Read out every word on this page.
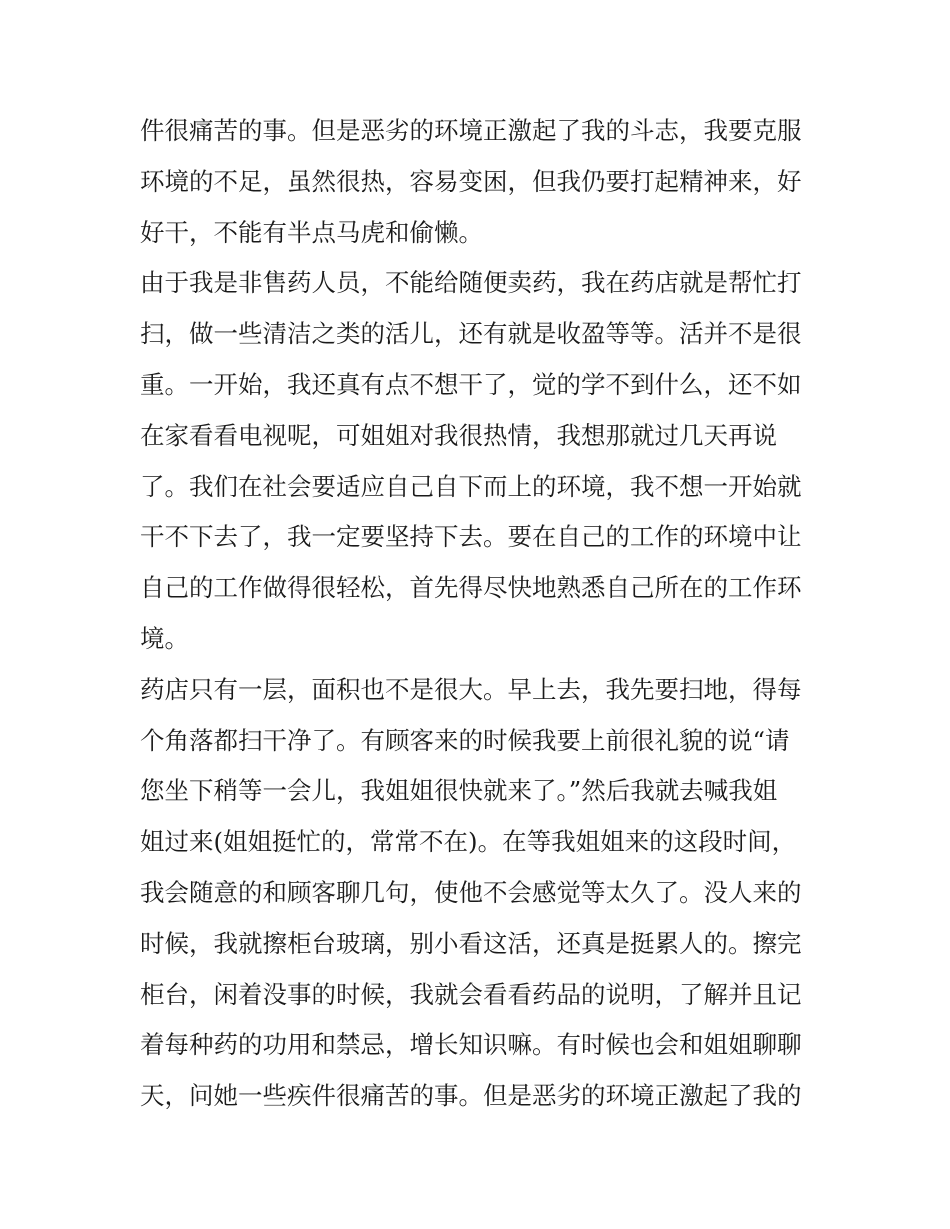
件很痛苦的事。但是恶劣的环境正激起了我的斗志，我要克服
环境的不足，虽然很热，容易变困，但我仍要打起精神来，好
好干，不能有半点马虎和偷懒。
由于我是非售药人员，不能给随便卖药，我在药店就是帮忙打
扫，做一些清洁之类的活儿，还有就是收盈等等。活并不是很
重。一开始，我还真有点不想干了，觉的学不到什么，还不如
在家看看电视呢，可姐姐对我很热情，我想那就过几天再说
了。我们在社会要适应自己自下而上的环境，我不想一开始就
干不下去了，我一定要坚持下去。要在自己的工作的环境中让
自己的工作做得很轻松，首先得尽快地熟悉自己所在的工作环
境。
药店只有一层，面积也不是很大。早上去，我先要扫地，得每
个角落都扫干净了。有顾客来的时候我要上前很礼貌的说“请
您坐下稍等一会儿，我姐姐很快就来了。”然后我就去喊我姐
姐过来(姐姐挺忙的，常常不在)。在等我姐姐来的这段时间，
我会随意的和顾客聊几句，使他不会感觉等太久了。没人来的
时候，我就擦柜台玻璃，别小看这活，还真是挺累人的。擦完
柜台，闲着没事的时候，我就会看看药品的说明，了解并且记
着每种药的功用和禁忌，增长知识嘛。有时候也会和姐姐聊聊
天，问她一些疾件很痛苦的事。但是恶劣的环境正激起了我的
